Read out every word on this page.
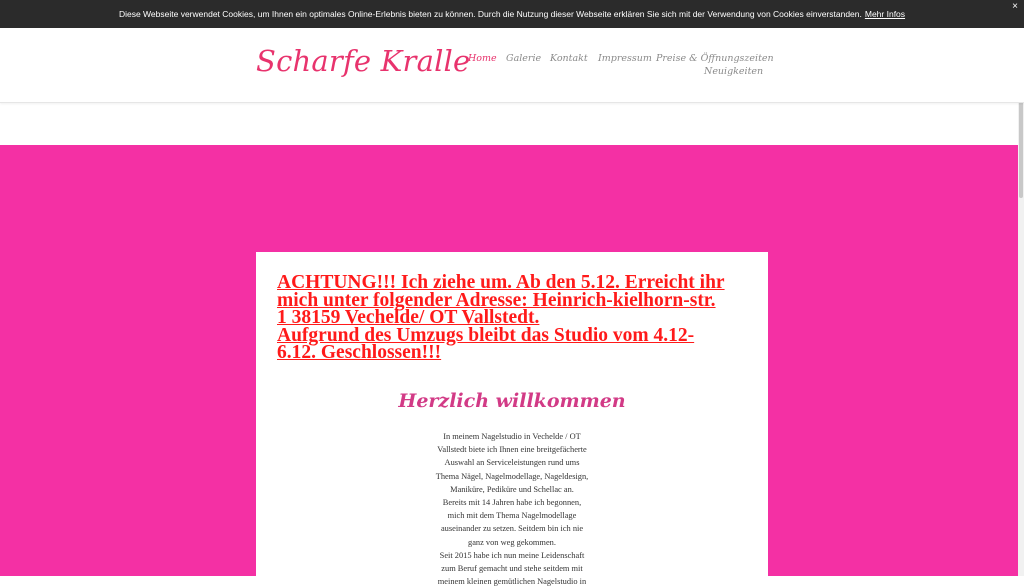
Diese Webseite verwendet Cookies, um Ihnen ein optimales Online-Erlebnis bieten zu können. Durch die Nutzung dieser Webseite erklären Sie sich mit der Verwendung von Cookies einverstanden. Mehr Infos
×
Scharfe Kralle
Home Galerie Kontakt Impressum Preise & Öffnungszeiten
Neuigkeiten
ACHTUNG!!! Ich ziehe um. Ab den 5.12. Erreicht ihr
mich unter folgender Adresse: Heinrich-kielhorn-str.
1 38159 Vechelde/ OT Vallstedt.
Aufgrund des Umzugs bleibt das Studio vom 4.12-
6.12. Geschlossen!!!
Herzlich willkommen
In meinem Nagelstudio in Vechelde / OT
Vallstedt biete ich Ihnen eine breitgefächerte
Auswahl an Serviceleistungen rund ums
Thema Nägel, Nagelmodellage, Nageldesign,
Maniküre, Pediküre und Schellac an.
Bereits mit 14 Jahren habe ich begonnen,
mich mit dem Thema Nagelmodellage
auseinander zu setzen. Seitdem bin ich nie
ganz von weg gekommen.
Seit 2015 habe ich nun meine Leidenschaft
zum Beruf gemacht und stehe seitdem mit
meinem kleinen gemütlichen Nagelstudio in
